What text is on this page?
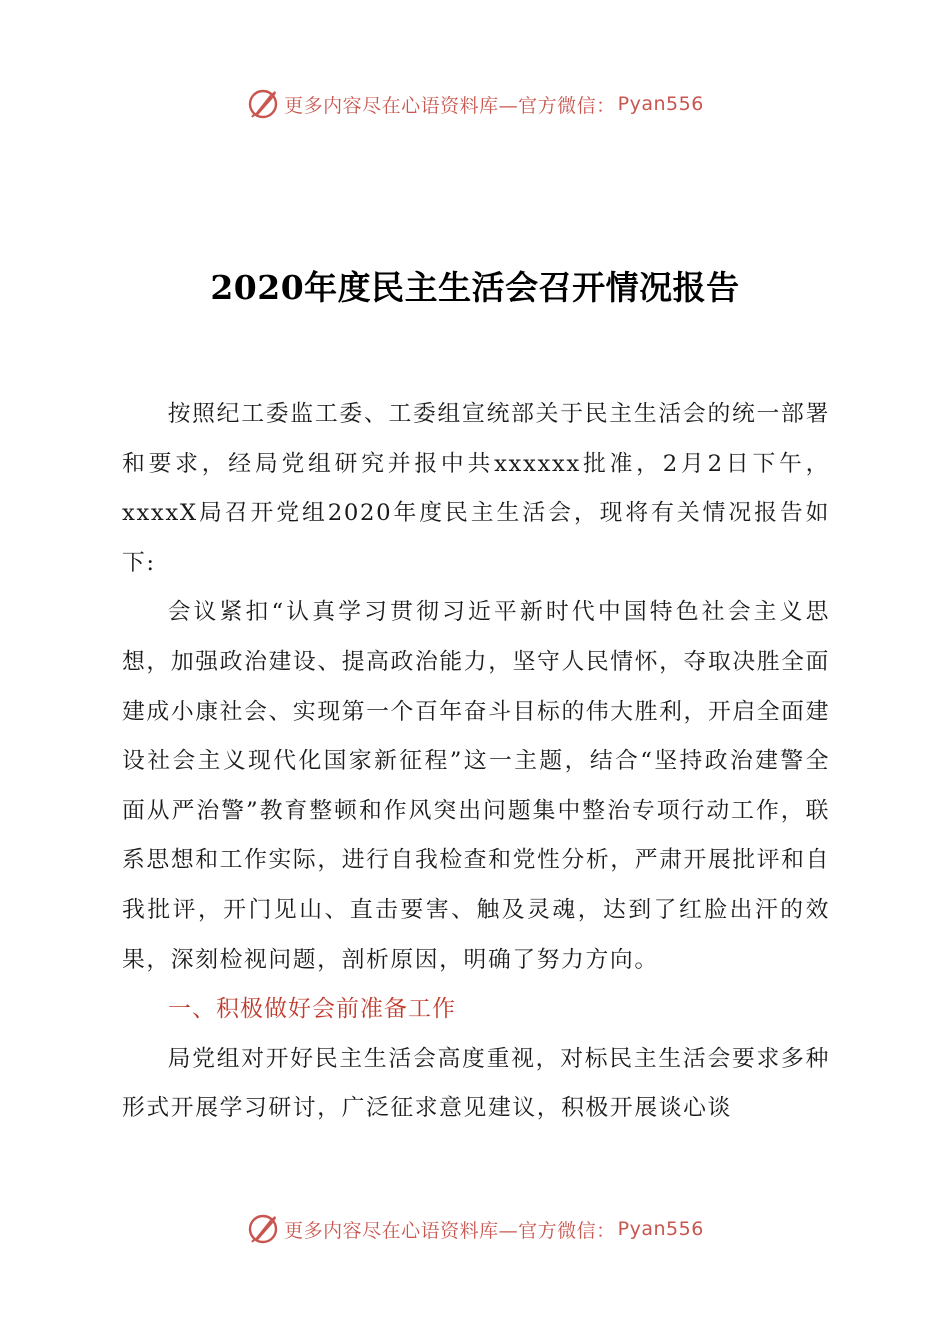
更多内容尽在心语资料库—官方微信： Pyan556
2020年度民主生活会召开情况报告

按照纪工委监工委、工委组宣统部关于民主生活会的统一部署和要求，经局党组研究并报中共xxxxxx批准，2月2日下午，xxxxX局召开党组2020年度民主生活会，现将有关情况报告如下:

会议紧扣“认真学习贯彻习近平新时代中国特色社会主义思想，加强政治建设、提高政治能力，坚守人民情怀，夺取决胜全面建成小康社会、实现第一个百年奋斗目标的伟大胜利，开启全面建设社会主义现代化国家新征程”这一主题，结合“坚持政治建警全面从严治警”教育整顿和作风突出问题集中整治专项行动工作，联系思想和工作实际，进行自我检查和党性分析，严肃开展批评和自我批评，开门见山、直击要害、触及灵魂，达到了红脸出汗的效果，深刻检视问题，剖析原因，明确了努力方向。

一、积极做好会前准备工作

局党组对开好民主生活会高度重视，对标民主生活会要求多种形式开展学习研讨，广泛征求意见建议，积极开展谈心谈

更多内容尽在心语资料库—官方微信： Pyan556
